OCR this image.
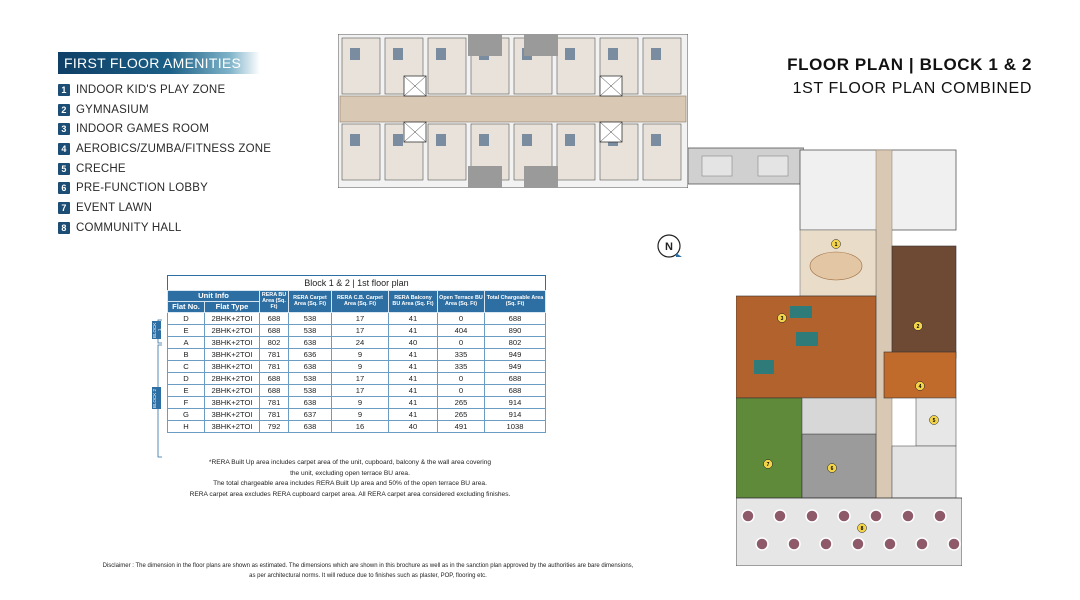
FIRST FLOOR AMENITIES
1 INDOOR KID'S PLAY ZONE
2 GYMNASIUM
3 INDOOR GAMES ROOM
4 AEROBICS/ZUMBA/FITNESS ZONE
5 CRECHE
6 PRE-FUNCTION LOBBY
7 EVENT LAWN
8 COMMUNITY HALL
FLOOR PLAN | BLOCK 1 & 2
1ST FLOOR PLAN COMBINED
N	1
2
3
4
5
6
7
8
Block 1 & 2 | 1st floor plan
Unit Info		RERA BU Area (Sq. Ft)	RERA Carpet Area (Sq. Ft)	RERA C.B. Carpet Area (Sq. Ft)	RERA Balcony BU Area (Sq. Ft)	Open Terrace BU Area (Sq. Ft)	Total Chargeable Area (Sq. Ft)
Flat No.	Flat Type						
D	2BHK+2TOI	688	538	17	41	0	688
E	2BHK+2TOI	688	538	17	41	404	890
A	3BHK+2TOI	802	638	24	40	0	802
B	3BHK+2TOI	781	636	9	41	335	949
C	3BHK+2TOI	781	638	9	41	335	949
D	2BHK+2TOI	688	538	17	41	0	688
E	2BHK+2TOI	688	538	17	41	0	688
F	3BHK+2TOI	781	638	9	41	265	914
G	3BHK+2TOI	781	637	9	41	265	914
H	3BHK+2TOI	792	638	16	40	491	1038
BLOCK 1
BLOCK 2
*RERA Built Up area includes carpet area of the unit, cupboard, balcony & the wall area covering
the unit, excluding open terrace BU area.
The total chargeable area includes RERA Built Up area and 50% of the open terrace BU area.
RERA carpet area excludes RERA cupboard carpet area. All RERA carpet area considered excluding finishes.
Disclaimer : The dimension in the floor plans are shown as estimated. The dimensions which are shown in this brochure as well as in the sanction plan approved by the authorities are bare dimensions,
as per architectural norms. It will reduce due to finishes such as plaster, POP, flooring etc.
